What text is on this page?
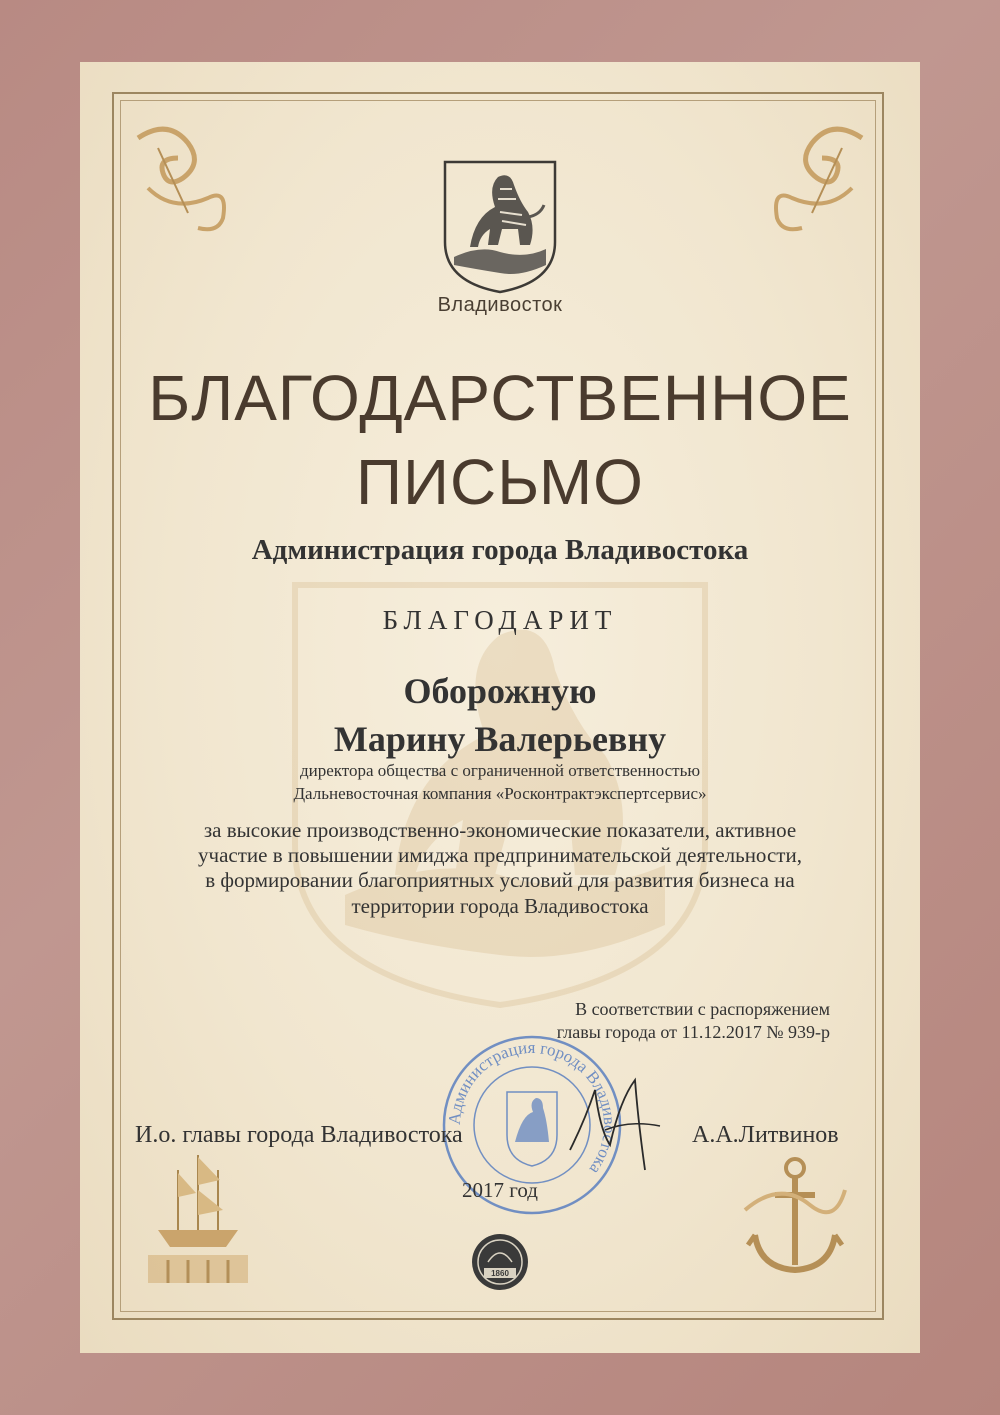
Владивосток
БЛАГОДАРСТВЕННОЕ
ПИСЬМО
Администрация города Владивостока
БЛАГОДАРИТ
Оборожную
Марину Валерьевну
директора общества с ограниченной ответственностью
Дальневосточная компания «Росконтрактэкспертсервис»
за высокие производственно-экономические показатели, активное
участие в повышении имиджа предпринимательской деятельности,
в формировании благоприятных условий для развития бизнеса на
территории города Владивостока
В соответствии с распоряжением
главы города от 11.12.2017 № 939-р
Администрация города Владивостока
И.о. главы города Владивостока	А.А.Литвинов
2017 год
1860
